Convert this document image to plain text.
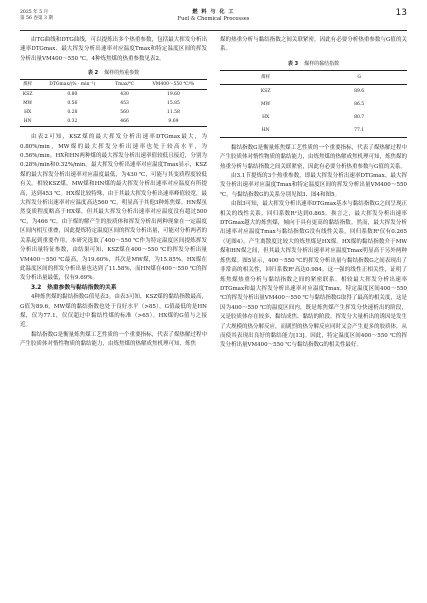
2025 年 5 月
第 56 卷第 3 期
燃 料 与 化 工
Fuel & Chemical Processes
13

由TG曲线和DTG曲线，可以提炼出多个热重参数，包括最大挥发分析出速率DTGmax、最大挥发分析出速率对应温度Tmax和特定温度区间的挥发分析出量VM400～550 ℃。4种炼焦煤的热重参数见表2。

表 2 煤样的热重参数
煤样	DTGmax/(% · min⁻¹)	Tmax/℃	VM400～550 ℃/%
KSZ	0.80	430	19.60
MW	0.56	453	15.85
HX	0.28	560	11.58
HN	0.32	466	9.69

由表2可知，KSZ煤的最大挥发分析出速率DTGmax最大，为0.80%/min，MW煤的最大挥发分析出速率也处于较高水平，为0.56%/min。HX和HN两种煤的最大挥发分析出速率值较低且接近，分别为0.28%/min和0.32%/min。最大挥发分析出速率对应温度Tmax显示，KSZ煤的最大挥发分析出速率对应温度最低，为430 ℃，可能与其变质程度较低有关。相较KSZ煤，MW煤和HN煤的最大挥发分析出速率对应温度有所提高，达到453 ℃。HX煤比较特殊，由于其最大挥发分析出速率峰值较宽，最大挥发分析出速率对应温度高达560 ℃，明显高于其他3种炼焦煤。HN煤虽然变质程度略高于HX煤，但其最大挥发分析出速率对应温度没有超过500 ℃，为466 ℃。由于煤的解产生的胶质体和挥发分析出两种现象在一定温度区间内相互重叠，因此提炼特定温度区间的挥发分析出量，可能对分析两者的关系起到重要作用。本研究选取了400～550 ℃作为特定温度区间提炼挥发分析出量特征参数，由结果可知，KSZ煤在400～550 ℃的挥发分析出量VM400～550 ℃最高，为19.60%，其次是MW煤，为15.85%。HX煤在此温度区间的挥发分析出量也达到了11.58%，而HN煤在400～550 ℃的挥发分析出量最低，仅有9.69%。

3.2　热重参数与黏结指数的关系

4种炼焦煤的黏结指数G值见表3。由表3可知，KSZ煤的黏结指数最高，G值为89.6，MW煤的黏结指数也处于良好水平（>85）。G值最低的是HN煤，仅为77.1，仅仅超过中黏结性煤的标准（>65）。HX煤的G值与之接近。

黏结指数G是衡量炼焦煤工艺性质的一个重要指标，代表了煤热解过程中产生胶质体对惰性物质的黏结能力，由炼焦煤的热解成焦机理可知，炼焦

煤的热重分析与黏结指数之间关联紧密，因此有必要分析热重参数与G值的关系。

表 3 煤样的黏结指数
煤样	G
KSZ	89.6
MW	86.5
HX	80.7
HN	77.1

黏结指数G是衡量炼焦煤工艺性质的一个重要指标，代表了煤热解过程中产生胶质体对惰性物质的黏结能力，由炼焦煤的热解成焦机理可知，炼焦煤的热重分析与黏结指数之间关联紧密，因此有必要分析热重参数与G值的关系。

由3.1节提炼的3个热重参数，即最大挥发分析出速率DTGmax、最大挥发分析出速率对应温度Tmax和特定温度区间的挥发分析出量VM400～550 ℃，与黏结指数G的关系分别见图3、图4和图5。

由图3可知，最大挥发分析出速率DTGmax基本与黏结指数G之间呈现正相关的线性关系，回归系数R²达到0.865。换言之，最大挥发分析出速率DTGmax越大的炼焦煤，倾向于具有更高的黏结指数。然而，最大挥发分析出速率对应温度Tmax与黏结指数G没有线性关系，回归系数R²仅有0.265（见图4）。产生离散度比较大的炼焦煤是HX煤。HX煤的黏结指数介于MW煤和HN煤之间，但其最大挥发分析出速率对应温度Tmax明显高于另外两种炼焦煤。图5显示，400～550 ℃的挥发分析出量与黏结指数G之间表现出了非常高的相关性，回归系数R²高达0.984。这一强的线性正相关性，证明了炼焦煤热重分析与黏结指数之间的紧密联系。相较最大挥发分析出速率DTGmax和最大挥发分析出速率对应温度Tmax，特定温度区间400～550 ℃的挥发分析出量VM400～550 ℃与黏结指数G取得了最高的相关度，这是因为400～550 ℃的温度区间内，既是炼焦煤产生挥发分快速析出的阶段，又是胶质体存在较多、黏结成焦、黏结的阶段。挥发分大量析出的诱因是发生了大规模的热分解反应，而剧烈的热分解反应同时又会产生更多的胶质体，从而使其表现出良好的黏结能力[13]。因此，特定温度区间400～550 ℃的挥发分析出量VM400～550 ℃与黏结指数G的相关性最好。
